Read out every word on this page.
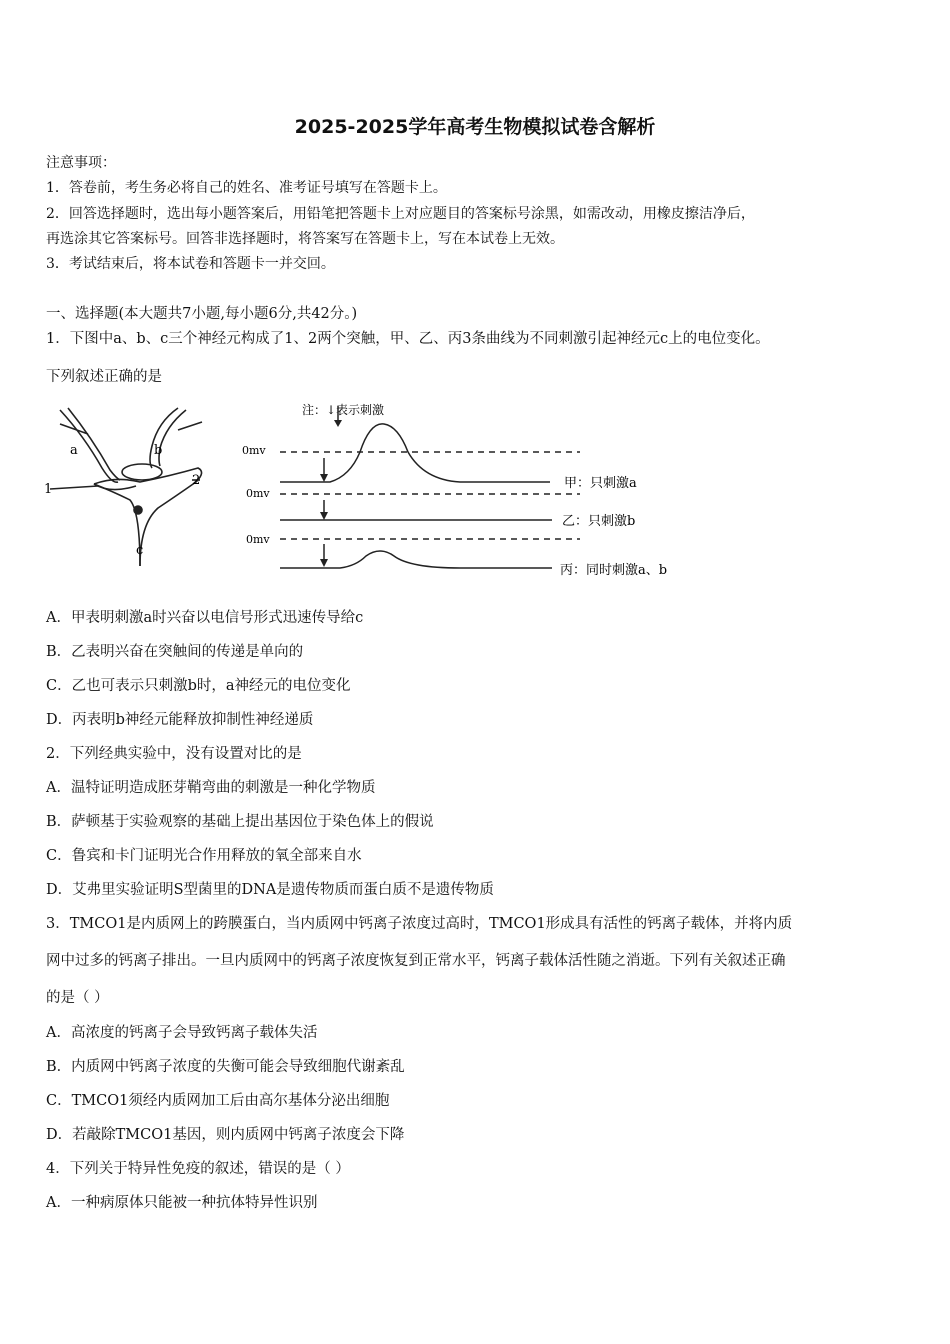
2025-2025学年高考生物模拟试卷含解析
注意事项：
1．答卷前，考生务必将自己的姓名、准考证号填写在答题卡上。
2．回答选择题时，选出每小题答案后，用铅笔把答题卡上对应题目的答案标号涂黑，如需改动，用橡皮擦洁净后，
再选涂其它答案标号。回答非选择题时，将答案写在答题卡上，写在本试卷上无效。
3．考试结束后，将本试卷和答题卡一并交回。
一、选择题(本大题共7小题,每小题6分,共42分。)
1．下图中a、b、c三个神经元构成了1、2两个突触，甲、乙、丙3条曲线为不同刺激引起神经元c上的电位变化。
下列叙述正确的是
a	b
c
1
2
注：↓表示刺激
0mv
0mv
0mv
甲：只刺激a
乙：只刺激b
丙：同时刺激a、b
A．甲表明刺激a时兴奋以电信号形式迅速传导给c
B．乙表明兴奋在突触间的传递是单向的
C．乙也可表示只刺激b时，a神经元的电位变化
D．丙表明b神经元能释放抑制性神经递质
2．下列经典实验中，没有设置对比的是
A．温特证明造成胚芽鞘弯曲的刺激是一种化学物质
B．萨顿基于实验观察的基础上提出基因位于染色体上的假说
C．鲁宾和卡门证明光合作用释放的氧全部来自水
D．艾弗里实验证明S型菌里的DNA是遗传物质而蛋白质不是遗传物质
3．TMCO1是内质网上的跨膜蛋白，当内质网中钙离子浓度过高时，TMCO1形成具有活性的钙离子载体，并将内质
网中过多的钙离子排出。一旦内质网中的钙离子浓度恢复到正常水平，钙离子载体活性随之消逝。下列有关叙述正确
的是（ ）
A．高浓度的钙离子会导致钙离子载体失活
B．内质网中钙离子浓度的失衡可能会导致细胞代谢紊乱
C．TMCO1须经内质网加工后由高尔基体分泌出细胞
D．若敲除TMCO1基因，则内质网中钙离子浓度会下降
4．下列关于特异性免疫的叙述，错误的是（ ）
A．一种病原体只能被一种抗体特异性识别
